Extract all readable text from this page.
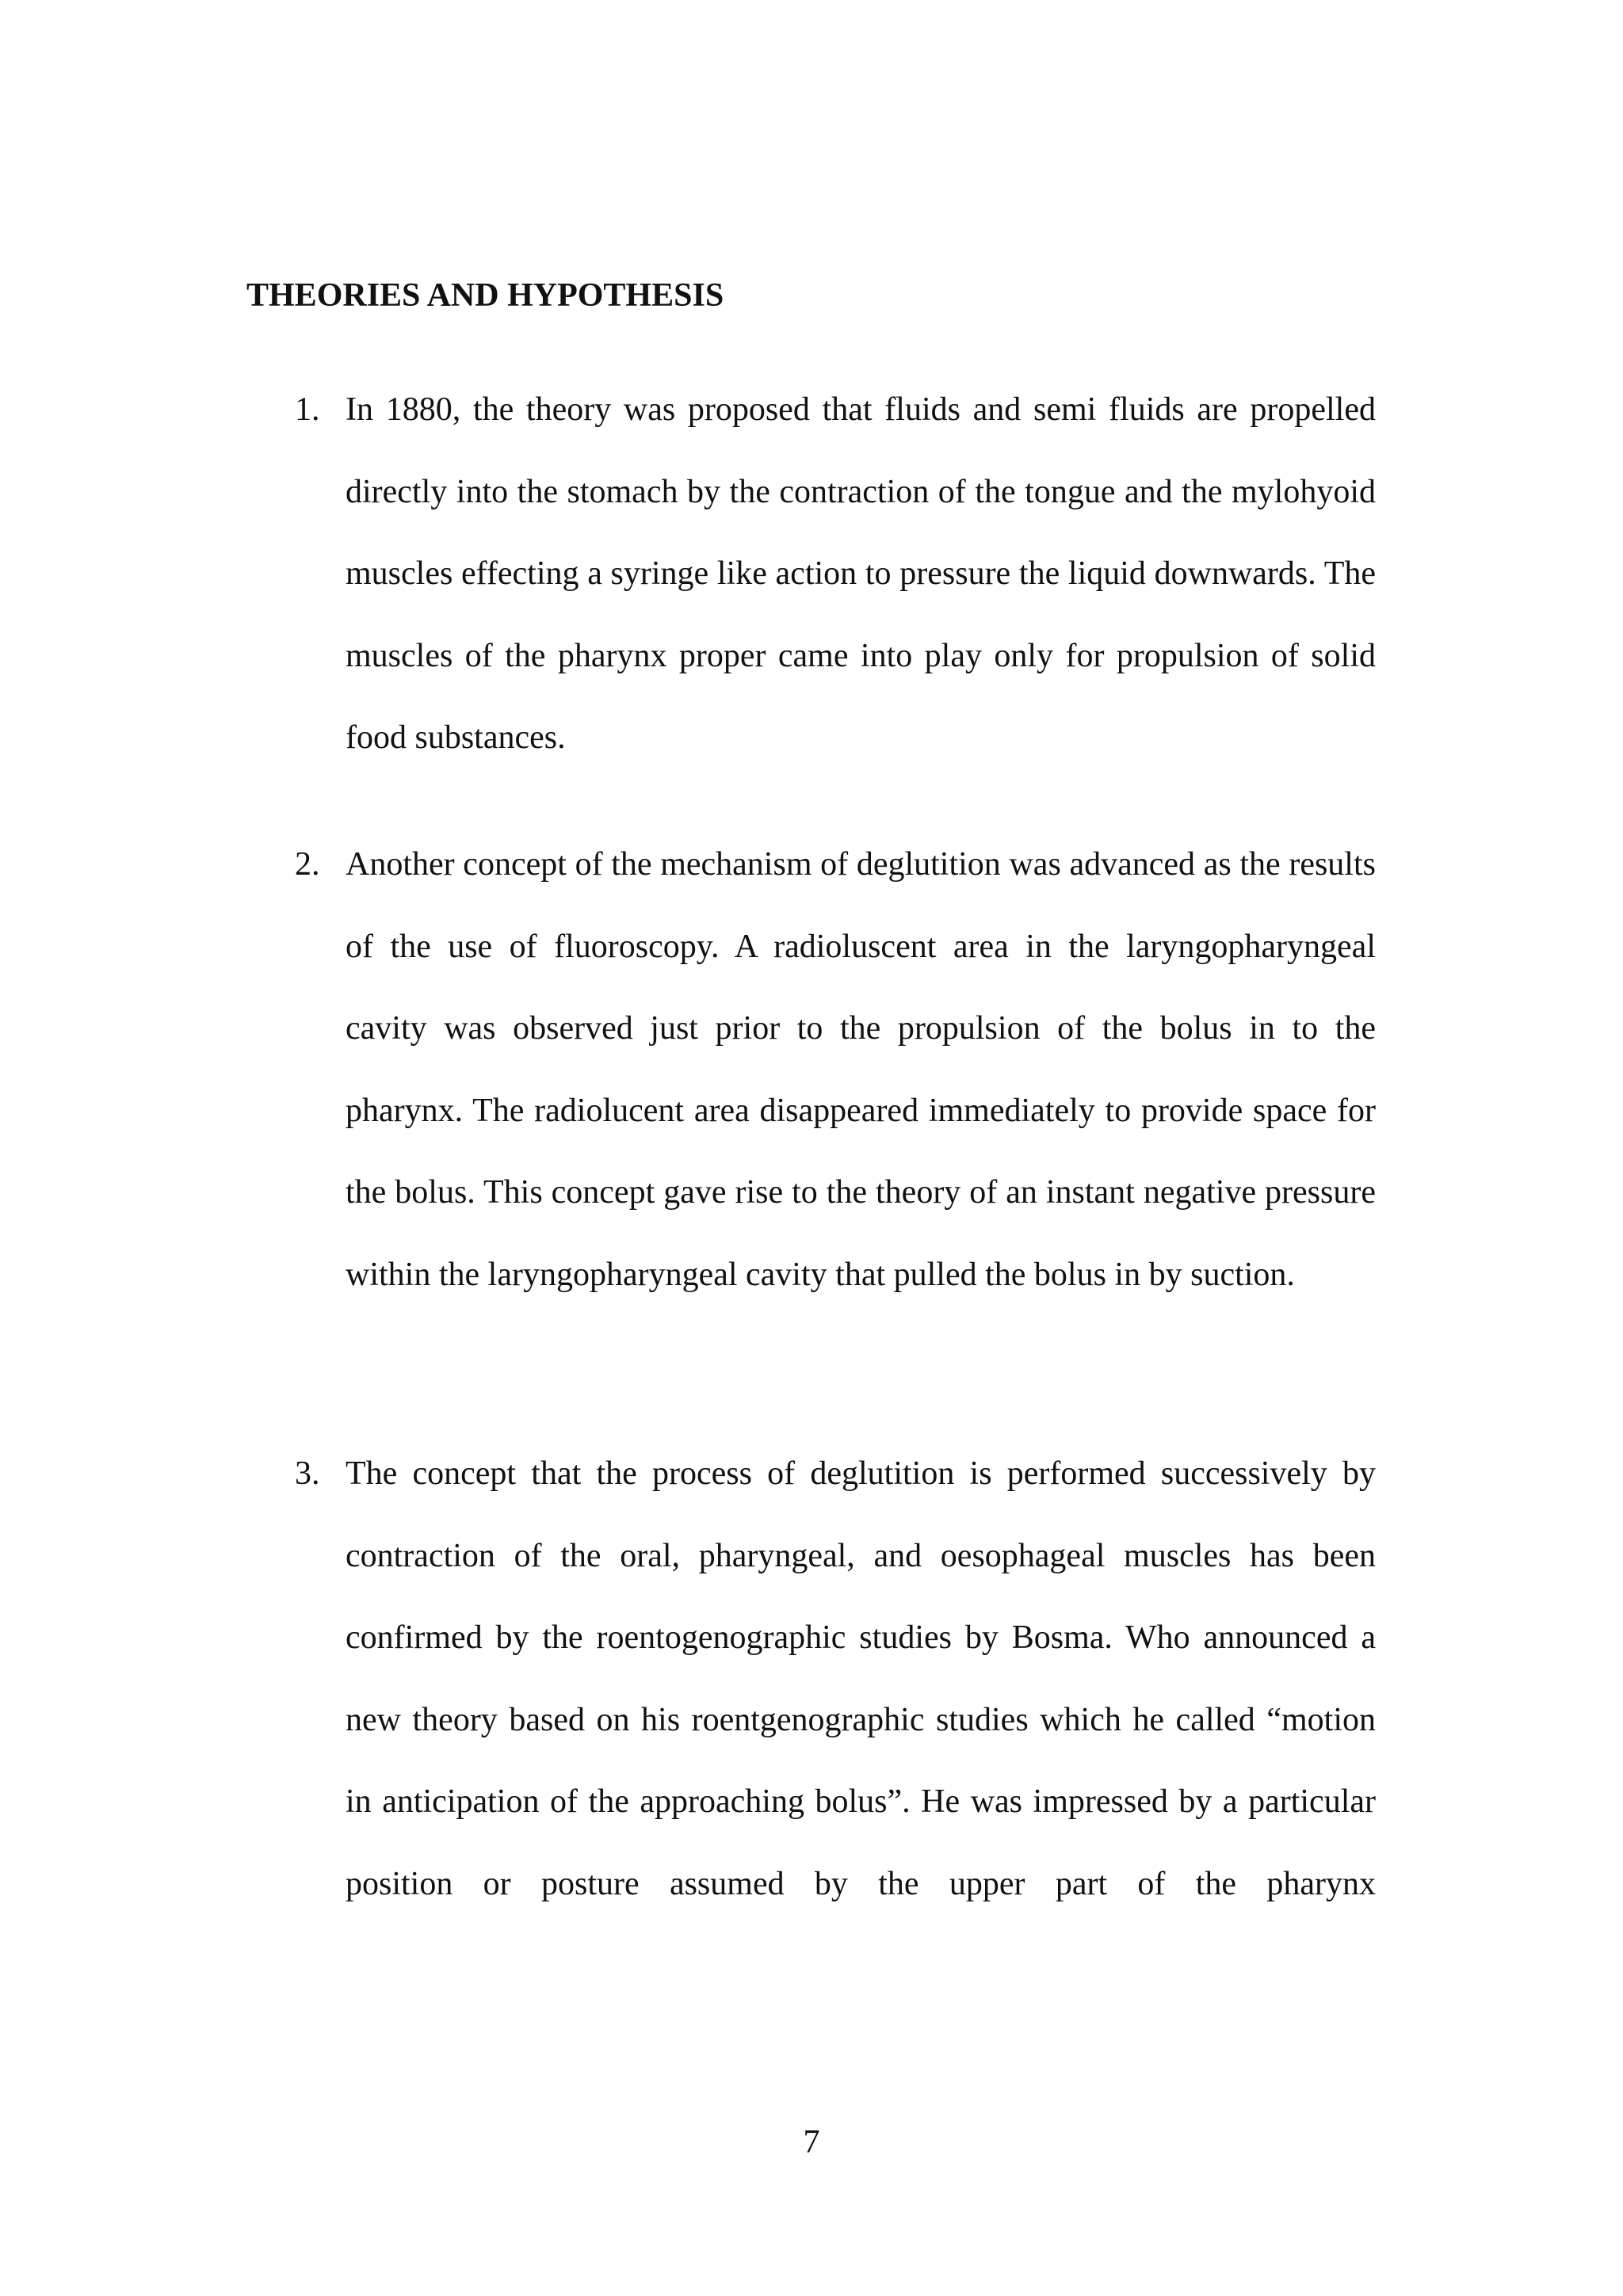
THEORIES AND HYPOTHESIS
1. In 1880, the theory was proposed that fluids and semi fluids are propelled directly into the stomach by the contraction of the tongue and the mylohyoid muscles effecting a syringe like action to pressure the liquid downwards. The muscles of the pharynx proper came into play only for propulsion of solid food substances.
2. Another concept of the mechanism of deglutition was advanced as the results of the use of fluoroscopy. A radioluscent area in the laryngopharyngeal cavity was observed just prior to the propulsion of the bolus in to the pharynx. The radiolucent area disappeared immediately to provide space for the bolus. This concept gave rise to the theory of an instant negative pressure within the laryngopharyngeal cavity that pulled the bolus in by suction.
3. The concept that the process of deglutition is performed successively by contraction of the oral, pharyngeal, and oesophageal muscles has been confirmed by the roentogenographic studies by Bosma. Who announced a new theory based on his roentgenographic studies which he called “motion in anticipation of the approaching bolus”. He was impressed by a particular position or posture assumed by the upper part of the pharynx
7
